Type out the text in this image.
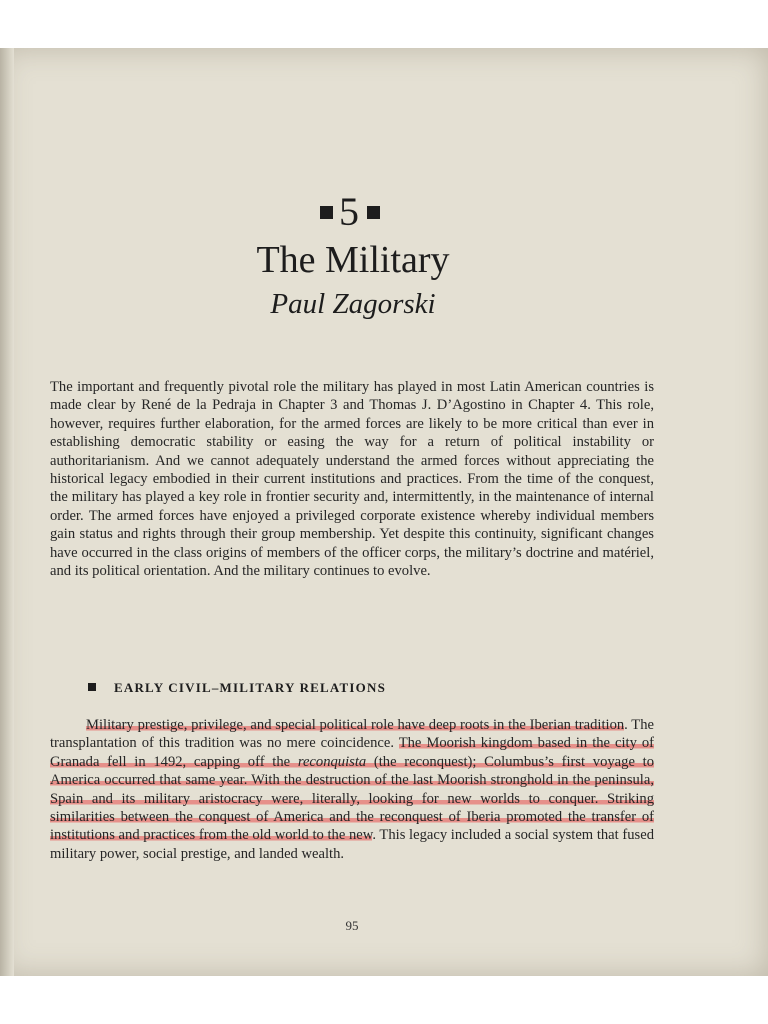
5
The Military
Paul Zagorski

The important and frequently pivotal role the military has played in most Latin American countries is made clear by René de la Pedraja in Chapter 3 and Thomas J. D’Agostino in Chapter 4. This role, however, requires further elaboration, for the armed forces are likely to be more critical than ever in establishing democratic stability or easing the way for a return of political instability or authoritarianism. And we cannot adequately understand the armed forces without appreciating the historical legacy embodied in their current institutions and practices. From the time of the conquest, the military has played a key role in frontier security and, intermittently, in the maintenance of internal order. The armed forces have enjoyed a privileged corporate existence whereby individual members gain status and rights through their group membership. Yet despite this continuity, significant changes have occurred in the class origins of members of the officer corps, the military’s doctrine and matériel, and its political orientation. And the military continues to evolve.

EARLY CIVIL–MILITARY RELATIONS

Military prestige, privilege, and special political role have deep roots in the Iberian tradition. The transplantation of this tradition was no mere coincidence. The Moorish kingdom based in the city of Granada fell in 1492, capping off the reconquista (the reconquest); Columbus’s first voyage to America occurred that same year. With the destruction of the last Moorish stronghold in the peninsula, Spain and its military aristocracy were, literally, looking for new worlds to conquer. Striking similarities between the conquest of America and the reconquest of Iberia promoted the transfer of institutions and practices from the old world to the new. This legacy included a social system that fused military power, social prestige, and landed wealth.

95
